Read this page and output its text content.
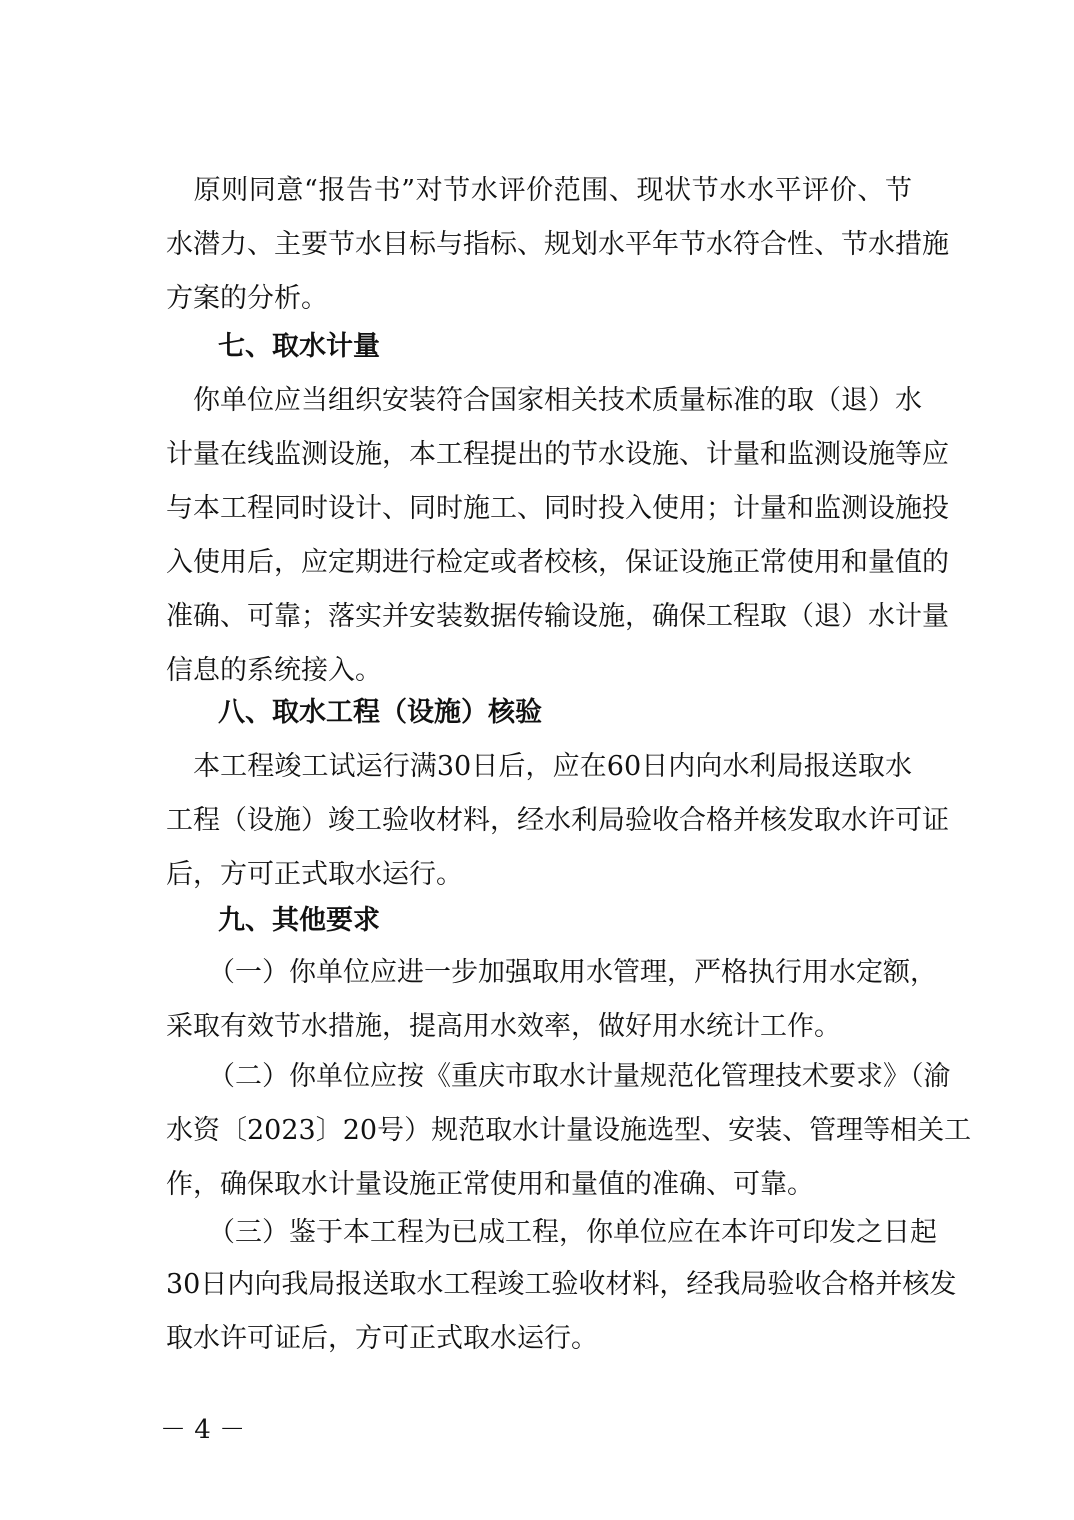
　原则同意“报告书”对节水评价范围、现状节水水平评价、节
水潜力、主要节水目标与指标、规划水平年节水符合性、节水措施
方案的分析。
七、取水计量
　你单位应当组织安装符合国家相关技术质量标准的取（退）水
计量在线监测设施，本工程提出的节水设施、计量和监测设施等应
与本工程同时设计、同时施工、同时投入使用；计量和监测设施投
入使用后，应定期进行检定或者校核，保证设施正常使用和量值的
准确、可靠；落实并安装数据传输设施，确保工程取（退）水计量
信息的系统接入。
八、取水工程（设施）核验
　本工程竣工试运行满30日后，应在60日内向水利局报送取水
工程（设施）竣工验收材料，经水利局验收合格并核发取水许可证
后，方可正式取水运行。
九、其他要求
（一）你单位应进一步加强取用水管理，严格执行用水定额，
采取有效节水措施，提高用水效率，做好用水统计工作。
（二）你单位应按《重庆市取水计量规范化管理技术要求》（渝
水资〔2023〕20号）规范取水计量设施选型、安装、管理等相关工
作，确保取水计量设施正常使用和量值的准确、可靠。
（三）鉴于本工程为已成工程，你单位应在本许可印发之日起
30日内向我局报送取水工程竣工验收材料，经我局验收合格并核发
取水许可证后，方可正式取水运行。
－ 4 －
